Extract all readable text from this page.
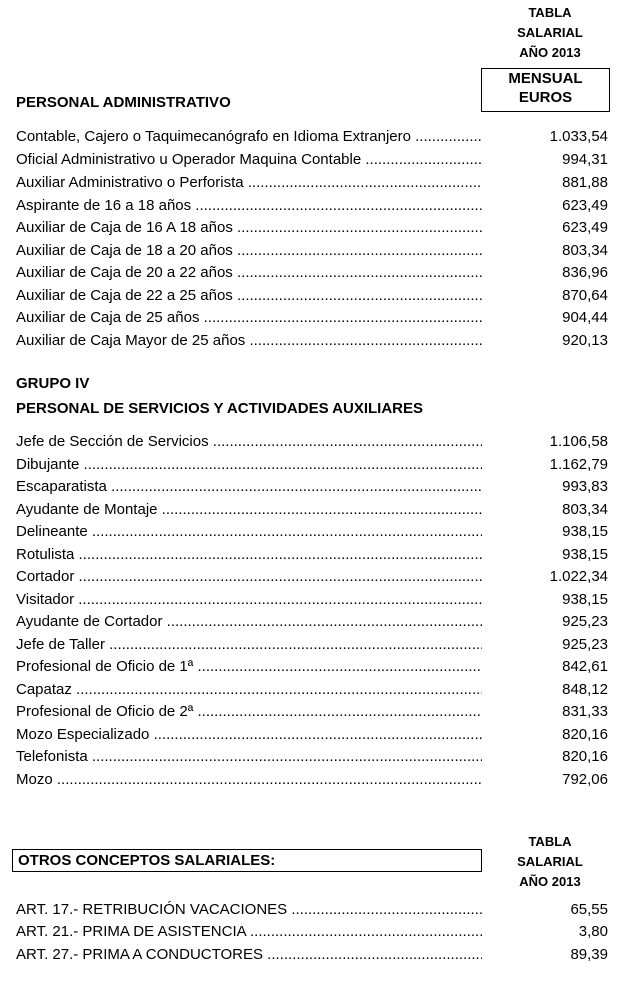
TABLA
SALARIAL
AÑO 2013
MENSUAL
EUROS
PERSONAL ADMINISTRATIVO
Contable, Cajero o Taquimecanógrafo en Idioma Extranjero .....	1.033,54
Oficial Administrativo u Operador Maquina Contable .....	994,31
Auxiliar Administrativo o Perforista .....	881,88
Aspirante de 16 a 18 años .....	623,49
Auxiliar de Caja de 16 A 18 años .....	623,49
Auxiliar de Caja de 18 a 20 años .....	803,34
Auxiliar de Caja de 20 a 22 años .....	836,96
Auxiliar de Caja de 22 a 25 años .....	870,64
Auxiliar de Caja de 25 años .....	904,44
Auxiliar de Caja Mayor de 25 años .....	920,13
GRUPO IV
PERSONAL DE SERVICIOS Y ACTIVIDADES AUXILIARES
Jefe de Sección de Servicios .....	1.106,58
Dibujante .....	1.162,79
Escaparatista .....	993,83
Ayudante de Montaje .....	803,34
Delineante .....	938,15
Rotulista .....	938,15
Cortador .....	1.022,34
Visitador .....	938,15
Ayudante de Cortador .....	925,23
Jefe de Taller .....	925,23
Profesional de Oficio de 1ª .....	842,61
Capataz .....	848,12
Profesional de Oficio de 2ª .....	831,33
Mozo Especializado .....	820,16
Telefonista .....	820,16
Mozo .....	792,06
TABLA
SALARIAL
AÑO 2013
OTROS CONCEPTOS SALARIALES:
ART. 17.- RETRIBUCIÓN VACACIONES .....	65,55
ART. 21.- PRIMA DE ASISTENCIA .....	3,80
ART. 27.- PRIMA A CONDUCTORES .....	89,39
